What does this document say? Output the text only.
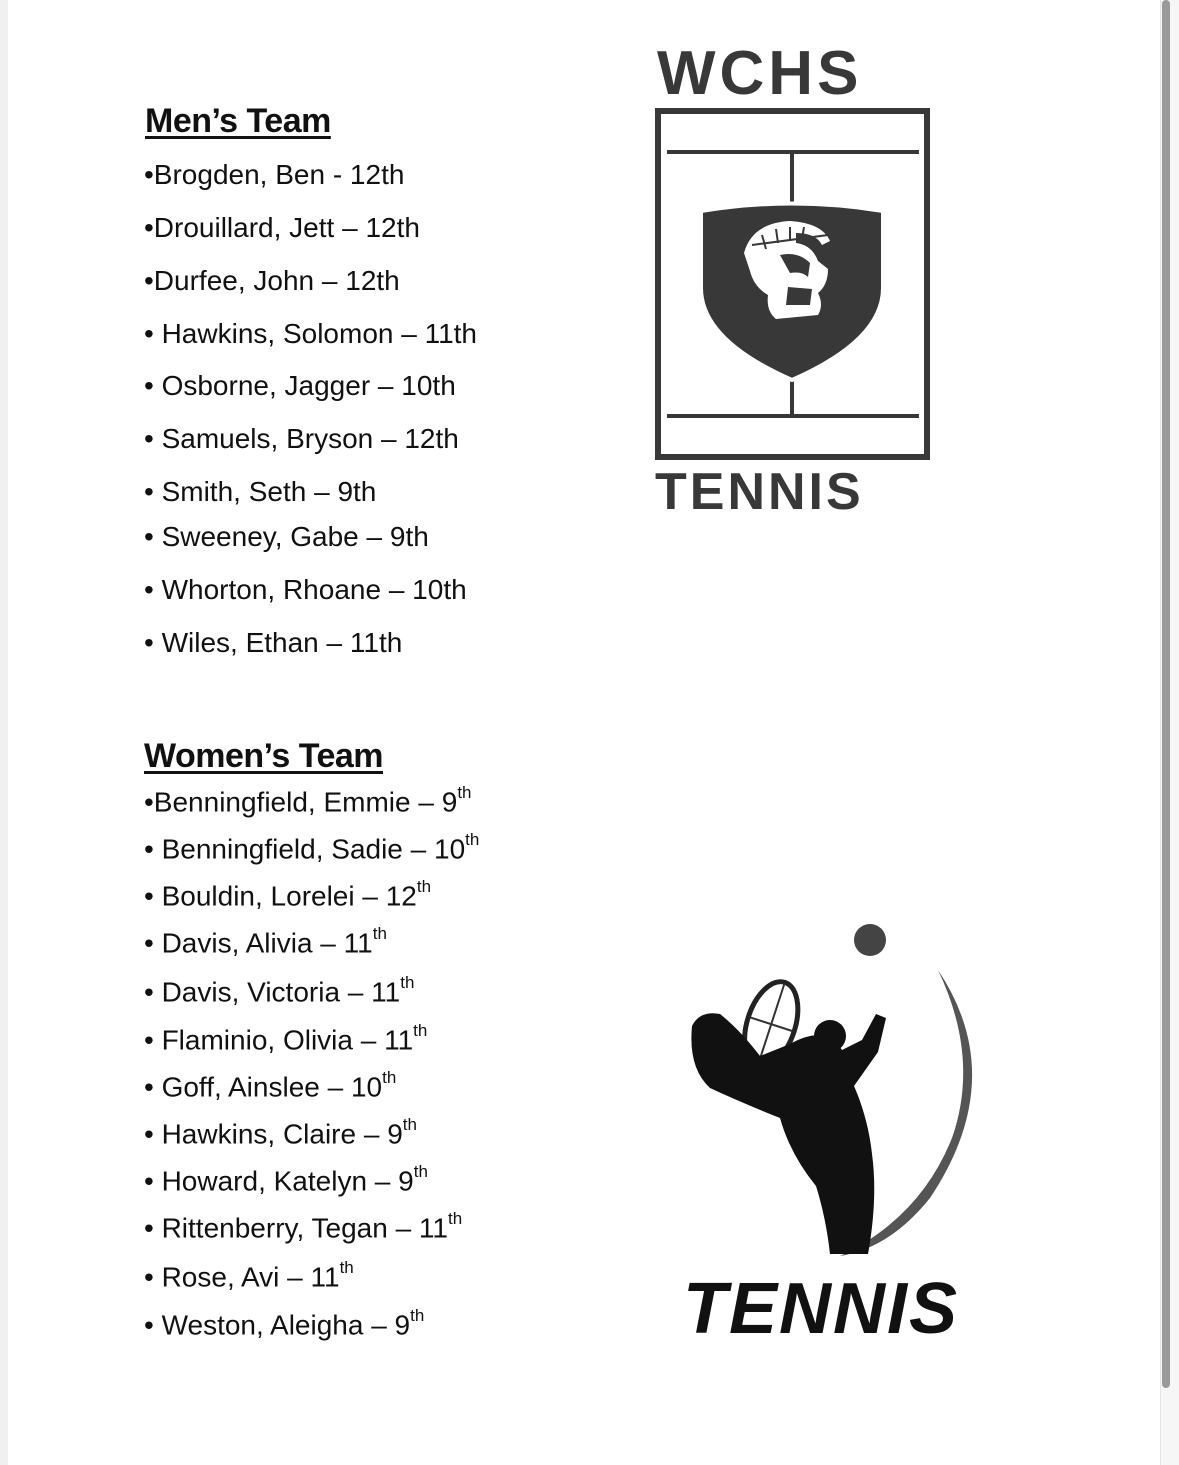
Men’s Team
•Brogden, Ben - 12th
•Drouillard, Jett – 12th
•Durfee, John – 12th
• Hawkins, Solomon – 11th
• Osborne, Jagger – 10th
• Samuels, Bryson – 12th
• Smith, Seth – 9th
• Sweeney, Gabe – 9th
• Whorton, Rhoane – 10th
• Wiles, Ethan – 11th
Women’s Team
•Benningfield, Emmie – 9th
• Benningfield, Sadie – 10th
• Bouldin, Lorelei – 12th
• Davis, Alivia – 11th
• Davis, Victoria – 11th
• Flaminio, Olivia – 11th
• Goff, Ainslee – 10th
• Hawkins, Claire – 9th
• Howard, Katelyn – 9th
• Rittenberry, Tegan – 11th
• Rose, Avi – 11th
• Weston, Aleigha – 9th
WCHS
TENNIS
TENNIS
